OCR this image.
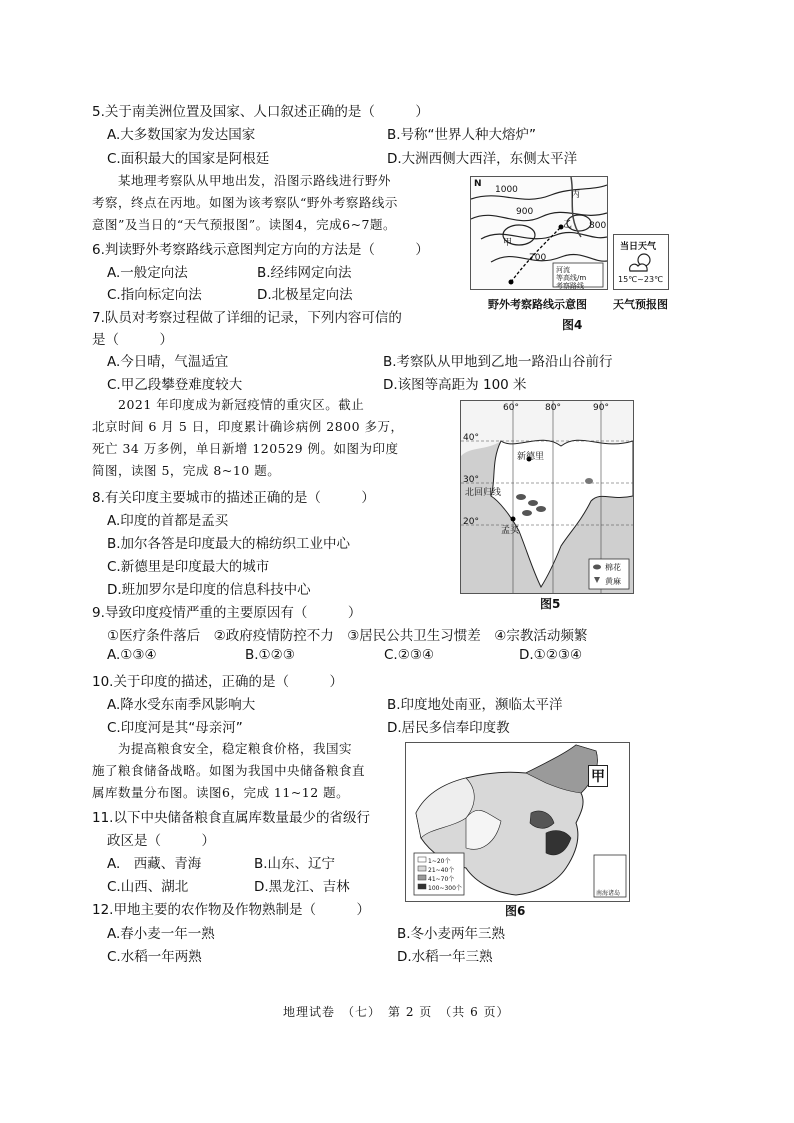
5.关于南美洲位置及国家、人口叙述正确的是（　　　）
A.大多数国家为发达国家	B.号称“世界人种大熔炉”
C.面积最大的国家是阿根廷	D.大洲西侧大西洋，东侧太平洋
某地理考察队从甲地出发，沿图示路线进行野外
考察，终点在丙地。如图为该考察队“野外考察路线示
意图”及当日的“天气预报图”。读图4，完成6~7题。
6.判读野外考察路线示意图判定方向的方法是（　　　）
A.一般定向法	B.经纬网定向法
C.指向标定向法	D.北极星定向法
7.队员对考察过程做了详细的记录，下列内容可信的
是（　　　）
A.今日晴，气温适宜	B.考察队从甲地到乙地一路沿山谷前行
C.甲乙段攀登难度较大	D.该图等高距为 100 米
N
1000
900
800
700
甲
乙
丙
河流
等高线/m
考察路线
当日天气
15℃~23℃
野外考察路线示意图 天气预报图
图4
2021 年印度成为新冠疫情的重灾区。截止
北京时间 6 月 5 日，印度累计确诊病例 2800 多万，
死亡 34 万多例，单日新增 120529 例。如图为印度
简图，读图 5，完成 8~10 题。
8.有关印度主要城市的描述正确的是（　　　）
A.印度的首都是孟买
B.加尔各答是印度最大的棉纺织工业中心
C.新德里是印度最大的城市
D.班加罗尔是印度的信息科技中心
60°	80°	90°
40°
30°
20°
新德里
孟买
北回归线
棉花
黄麻
图5
9.导致印度疫情严重的主要原因有（　　　）
①医疗条件落后　②政府疫情防控不力　③居民公共卫生习惯差　④宗教活动频繁
A.①③④	B.①②③	C.②③④	D.①②③④
10.关于印度的描述，正确的是（　　　）
A.降水受东南季风影响大	B.印度地处南亚，濒临太平洋
C.印度河是其“母亲河”	D.居民多信奉印度教
为提高粮食安全，稳定粮食价格，我国实
施了粮食储备战略。如图为我国中央储备粮食直
属库数量分布图。读图6，完成 11~12 题。
11.以下中央储备粮食直属库数量最少的省级行
政区是（　　　）
A.　西藏、青海	B.山东、辽宁
C.山西、湖北	D.黑龙江、吉林
甲
1~20个
21~40个
41~70个
100~300个
南海诸岛
图6
12.甲地主要的农作物及作物熟制是（　　　）
A.春小麦一年一熟	B.冬小麦两年三熟
C.水稻一年两熟	D.水稻一年三熟
地理试卷　（七）　第 2 页　（共 6 页）
